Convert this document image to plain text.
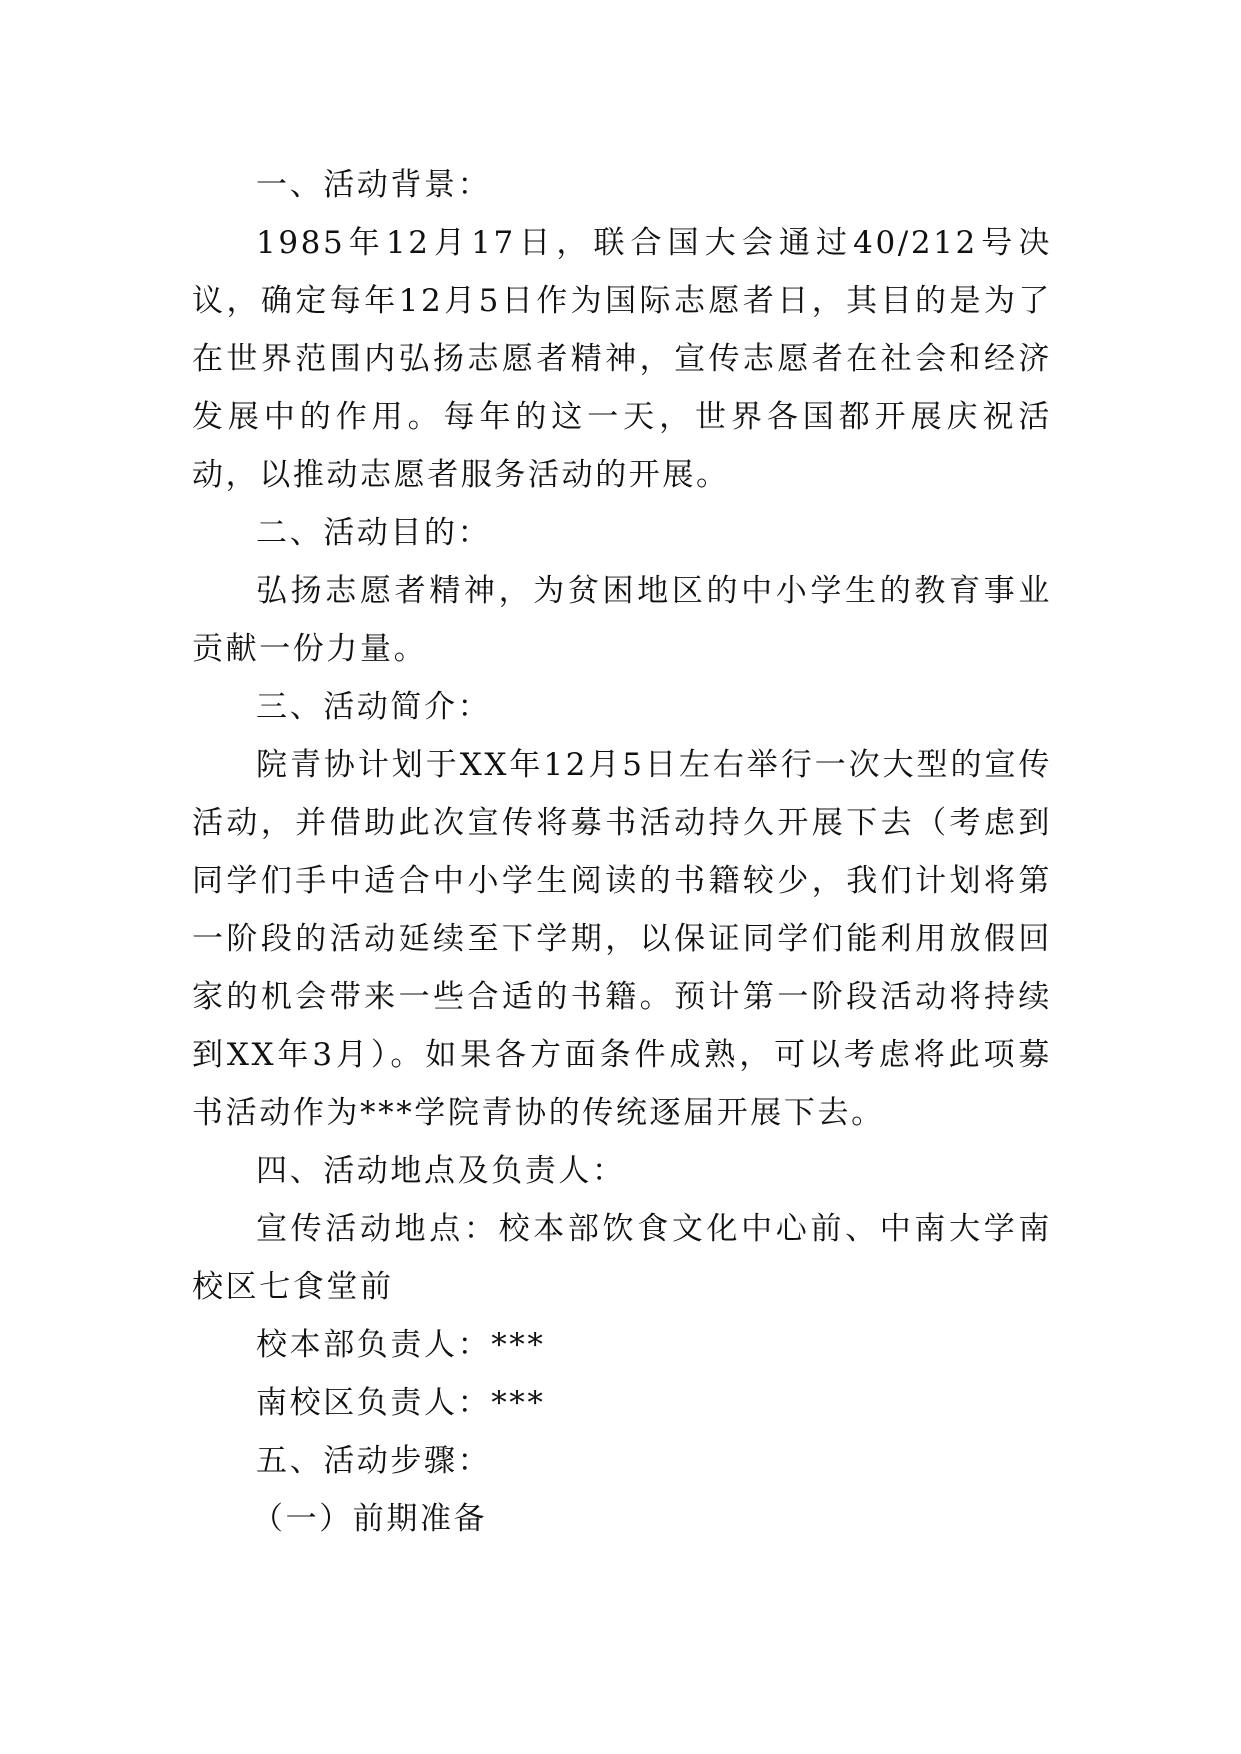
一、活动背景：

1985年12月17日，联合国大会通过40/212号决议，确定每年12月5日作为国际志愿者日，其目的是为了在世界范围内弘扬志愿者精神，宣传志愿者在社会和经济发展中的作用。每年的这一天，世界各国都开展庆祝活动，以推动志愿者服务活动的开展。

二、活动目的：

弘扬志愿者精神，为贫困地区的中小学生的教育事业贡献一份力量。

三、活动简介：

院青协计划于XX年12月5日左右举行一次大型的宣传活动，并借助此次宣传将募书活动持久开展下去（考虑到同学们手中适合中小学生阅读的书籍较少，我们计划将第一阶段的活动延续至下学期，以保证同学们能利用放假回家的机会带来一些合适的书籍。预计第一阶段活动将持续到XX年3月）。如果各方面条件成熟，可以考虑将此项募书活动作为***学院青协的传统逐届开展下去。

四、活动地点及负责人：

宣传活动地点：校本部饮食文化中心前、中南大学南校区七食堂前

校本部负责人：***

南校区负责人：***

五、活动步骤：

（一）前期准备
